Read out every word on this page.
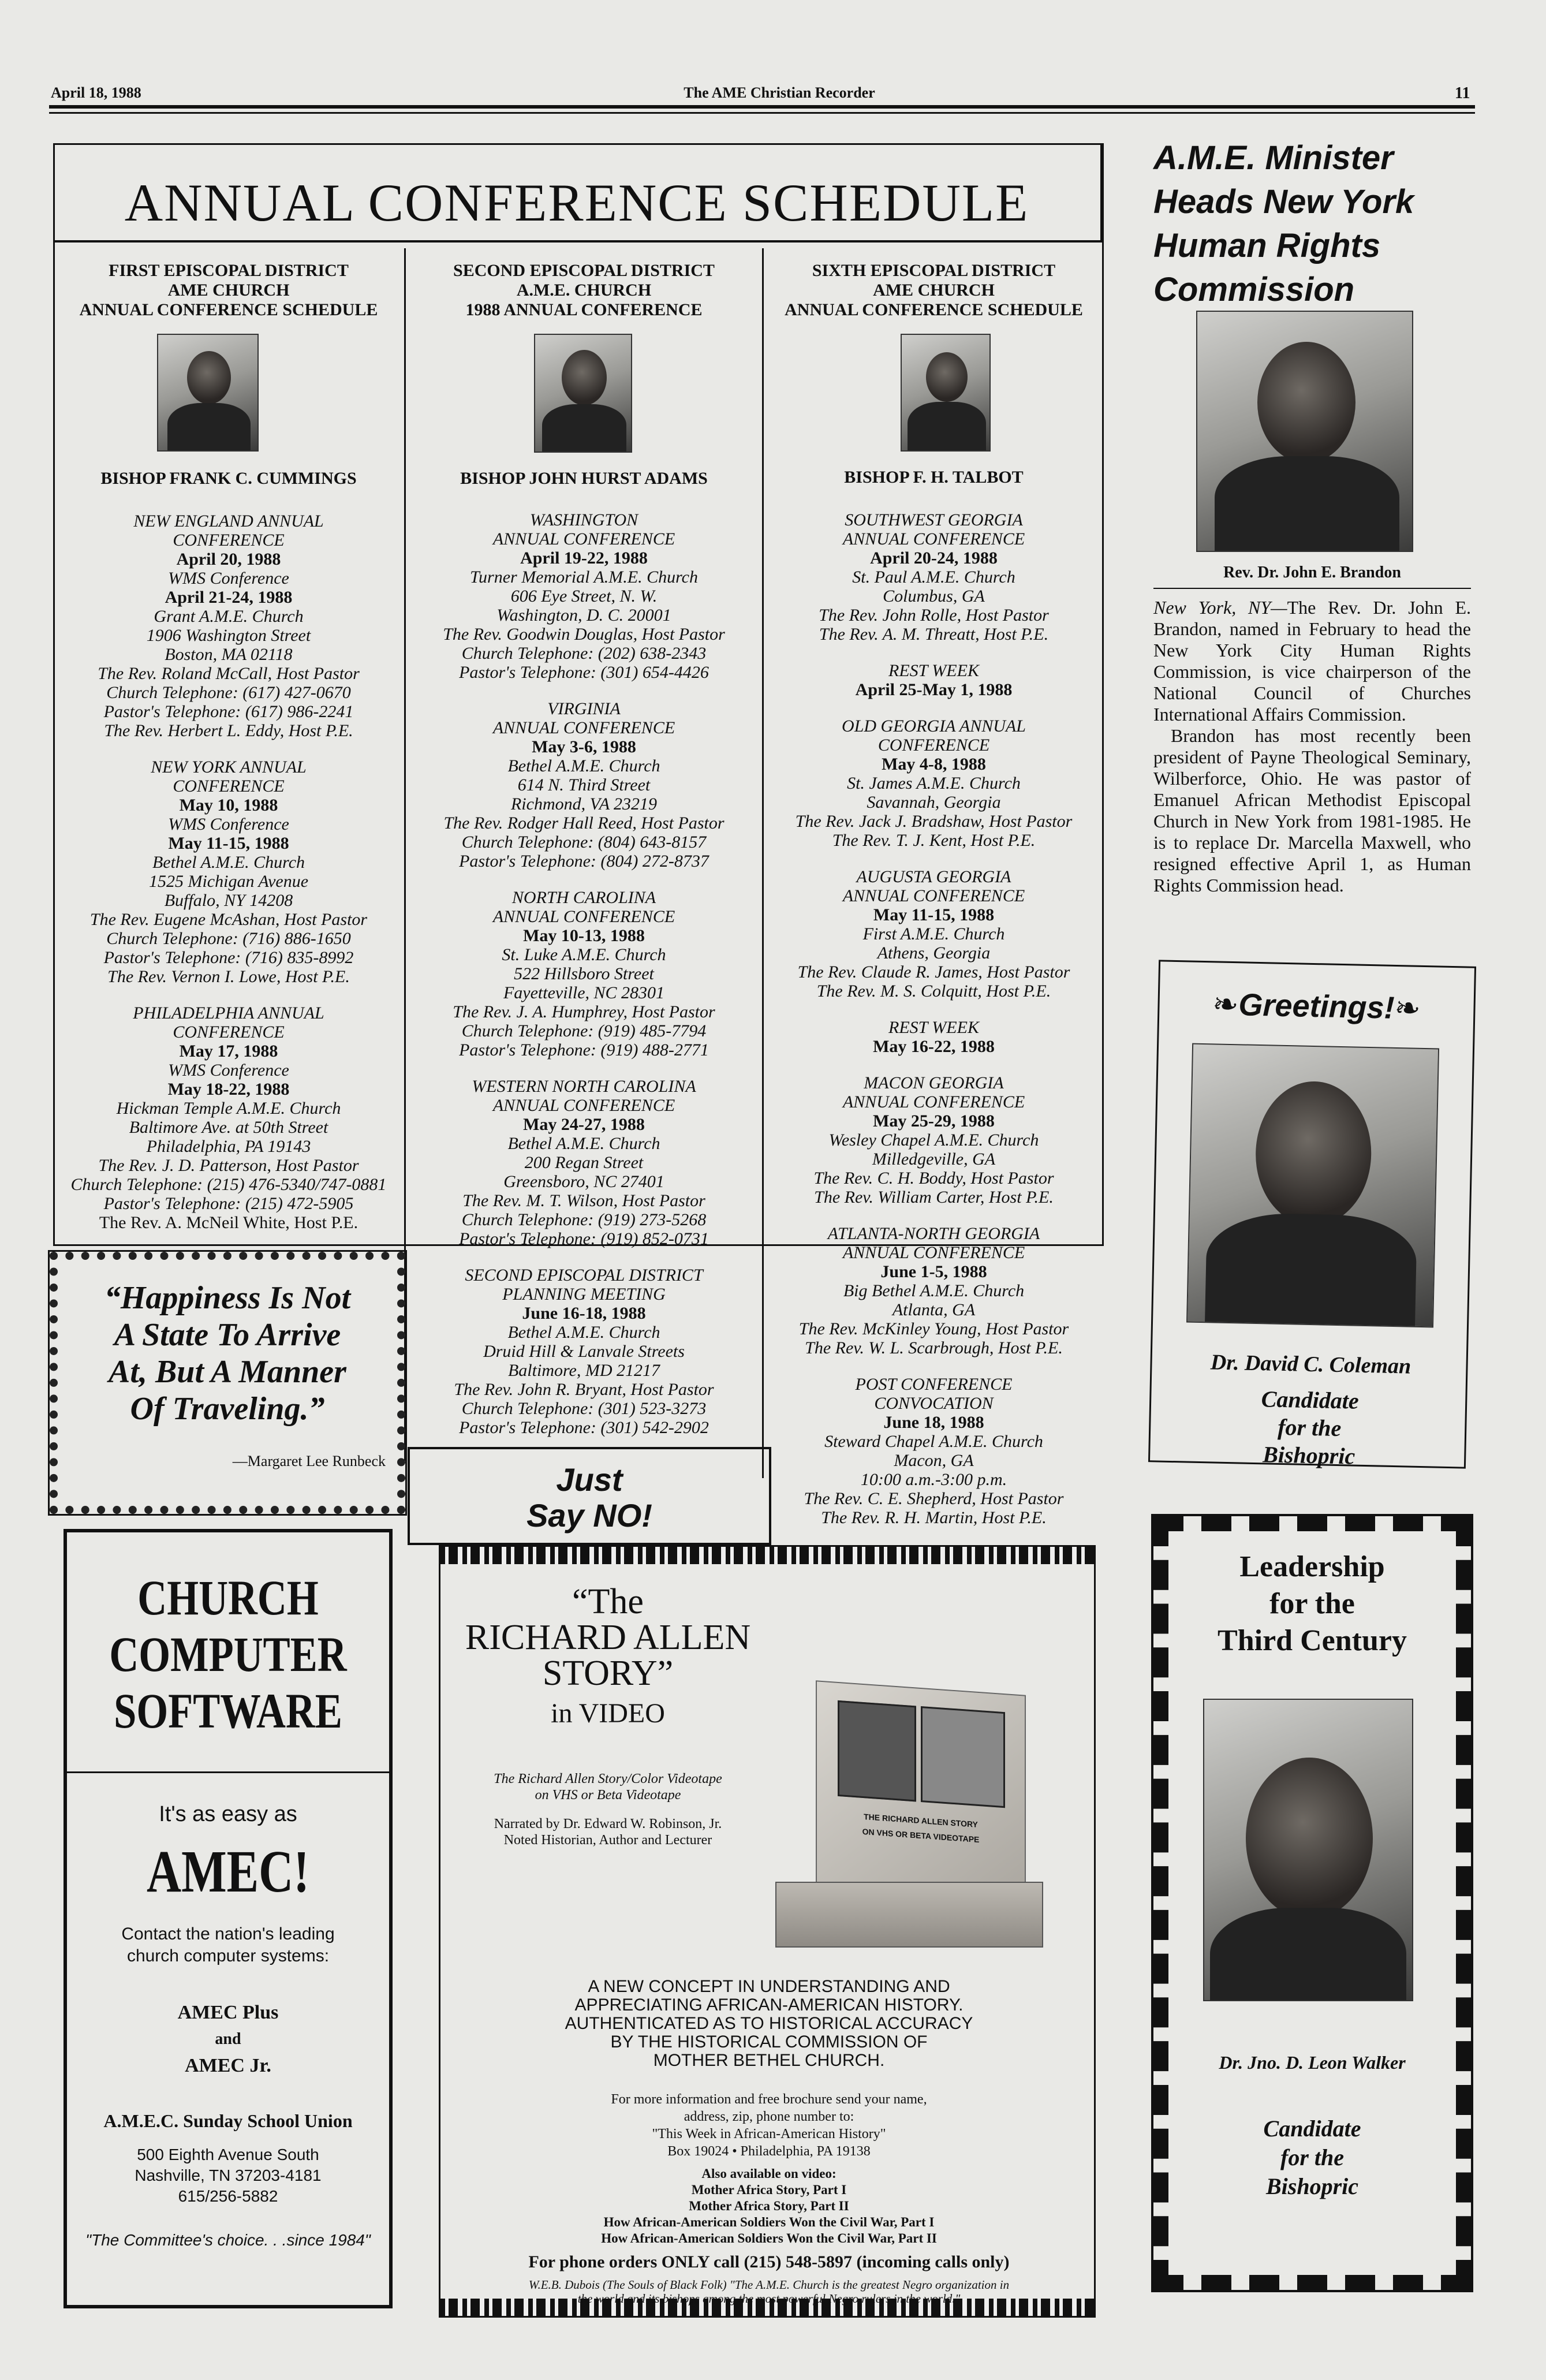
April 18, 1988	The AME Christian Recorder	11
ANNUAL CONFERENCE SCHEDULE
FIRST EPISCOPAL DISTRICT
AME CHURCH
ANNUAL CONFERENCE SCHEDULE
BISHOP FRANK C. CUMMINGS

NEW ENGLAND ANNUAL

CONFERENCE

April 20, 1988

WMS Conference

April 21-24, 1988

Grant A.M.E. Church

1906 Washington Street

Boston, MA 02118

The Rev. Roland McCall, Host Pastor

Church Telephone: (617) 427-0670

Pastor's Telephone: (617) 986-2241

The Rev. Herbert L. Eddy, Host P.E.

NEW YORK ANNUAL

CONFERENCE

May 10, 1988

WMS Conference

May 11-15, 1988

Bethel A.M.E. Church

1525 Michigan Avenue

Buffalo, NY 14208

The Rev. Eugene McAshan, Host Pastor

Church Telephone: (716) 886-1650

Pastor's Telephone: (716) 835-8992

The Rev. Vernon I. Lowe, Host P.E.

PHILADELPHIA ANNUAL

CONFERENCE

May 17, 1988

WMS Conference

May 18-22, 1988

Hickman Temple A.M.E. Church

Baltimore Ave. at 50th Street

Philadelphia, PA 19143

The Rev. J. D. Patterson, Host Pastor

Church Telephone: (215) 476-5340/747-0881

Pastor's Telephone: (215) 472-5905

The Rev. A. McNeil White, Host P.E.

SECOND EPISCOPAL DISTRICT
A.M.E. CHURCH
1988 ANNUAL CONFERENCE
BISHOP JOHN HURST ADAMS

WASHINGTON

ANNUAL CONFERENCE

April 19-22, 1988

Turner Memorial A.M.E. Church

606 Eye Street, N. W.

Washington, D. C. 20001

The Rev. Goodwin Douglas, Host Pastor

Church Telephone: (202) 638-2343

Pastor's Telephone: (301) 654-4426

VIRGINIA

ANNUAL CONFERENCE

May 3-6, 1988

Bethel A.M.E. Church

614 N. Third Street

Richmond, VA 23219

The Rev. Rodger Hall Reed, Host Pastor

Church Telephone: (804) 643-8157

Pastor's Telephone: (804) 272-8737

NORTH CAROLINA

ANNUAL CONFERENCE

May 10-13, 1988

St. Luke A.M.E. Church

522 Hillsboro Street

Fayetteville, NC 28301

The Rev. J. A. Humphrey, Host Pastor

Church Telephone: (919) 485-7794

Pastor's Telephone: (919) 488-2771

WESTERN NORTH CAROLINA

ANNUAL CONFERENCE

May 24-27, 1988

Bethel A.M.E. Church

200 Regan Street

Greensboro, NC 27401

The Rev. M. T. Wilson, Host Pastor

Church Telephone: (919) 273-5268

Pastor's Telephone: (919) 852-0731

SECOND EPISCOPAL DISTRICT

PLANNING MEETING

June 16-18, 1988

Bethel A.M.E. Church

Druid Hill & Lanvale Streets

Baltimore, MD 21217

The Rev. John R. Bryant, Host Pastor

Church Telephone: (301) 523-3273

Pastor's Telephone: (301) 542-2902

SIXTH EPISCOPAL DISTRICT
AME CHURCH
ANNUAL CONFERENCE SCHEDULE
BISHOP F. H. TALBOT

SOUTHWEST GEORGIA

ANNUAL CONFERENCE

April 20-24, 1988

St. Paul A.M.E. Church

Columbus, GA

The Rev. John Rolle, Host Pastor

The Rev. A. M. Threatt, Host P.E.

REST WEEK

April 25-May 1, 1988

OLD GEORGIA ANNUAL

CONFERENCE

May 4-8, 1988

St. James A.M.E. Church

Savannah, Georgia

The Rev. Jack J. Bradshaw, Host Pastor

The Rev. T. J. Kent, Host P.E.

AUGUSTA GEORGIA

ANNUAL CONFERENCE

May 11-15, 1988

First A.M.E. Church

Athens, Georgia

The Rev. Claude R. James, Host Pastor

The Rev. M. S. Colquitt, Host P.E.

REST WEEK

May 16-22, 1988

MACON GEORGIA

ANNUAL CONFERENCE

May 25-29, 1988

Wesley Chapel A.M.E. Church

Milledgeville, GA

The Rev. C. H. Boddy, Host Pastor

The Rev. William Carter, Host P.E.

ATLANTA-NORTH GEORGIA

ANNUAL CONFERENCE

June 1-5, 1988

Big Bethel A.M.E. Church

Atlanta, GA

The Rev. McKinley Young, Host Pastor

The Rev. W. L. Scarbrough, Host P.E.

POST CONFERENCE

CONVOCATION

June 18, 1988

Steward Chapel A.M.E. Church

Macon, GA

10:00 a.m.-3:00 p.m.

The Rev. C. E. Shepherd, Host Pastor

The Rev. R. H. Martin, Host P.E.

“Happiness Is Not
A State To Arrive
At, But A Manner
Of Traveling.”
—Margaret Lee Runbeck
Just
Say NO!
CHURCH
COMPUTER
SOFTWARE
It's as easy as
AMEC!
Contact the nation's leading
church computer systems:
AMEC Plus
and
AMEC Jr.
A.M.E.C. Sunday School Union
500 Eighth Avenue South
Nashville, TN 37203-4181
615/256-5882
"The Committee's choice. . .since 1984"
“The
RICHARD ALLEN
STORY”
in VIDEO
The Richard Allen Story/Color Videotape
on VHS or Beta Videotape
Narrated by Dr. Edward W. Robinson, Jr.
Noted Historian, Author and Lecturer
THE RICHARD ALLEN STORY
ON VHS OR BETA VIDEOTAPE
A NEW CONCEPT IN UNDERSTANDING AND
APPRECIATING AFRICAN-AMERICAN HISTORY.
AUTHENTICATED AS TO HISTORICAL ACCURACY
BY THE HISTORICAL COMMISSION OF
MOTHER BETHEL CHURCH.
For more information and free brochure send your name,
address, zip, phone number to:
"This Week in African-American History"
Box 19024 • Philadelphia, PA 19138
Also available on video:
Mother Africa Story, Part I
Mother Africa Story, Part II
How African-American Soldiers Won the Civil War, Part I
How African-American Soldiers Won the Civil War, Part II
For phone orders ONLY call (215) 548-5897 (incoming calls only)
W.E.B. Dubois (The Souls of Black Folk) "The A.M.E. Church is the greatest Negro organization in
the world and its bishops among the most powerful Negro rulers in the world."
A.M.E. Minister
Heads New York
Human Rights
Commission
Rev. Dr. John E. Brandon

New York, NY—The Rev. Dr. John E. Brandon, named in February to head the New York City Human Rights Commission, is vice chairperson of the National Council of Churches International Affairs Commission.

Brandon has most recently been president of Payne Theological Seminary, Wilberforce, Ohio. He was pastor of Emanuel African Methodist Episcopal Church in New York from 1981-1985. He is to replace Dr. Marcella Maxwell, who resigned effective April 1, as Human Rights Commission head.

❧Greetings!❧
Dr. David C. Coleman
Candidate
for the
Bishopric
Leadership
for the
Third Century
Dr. Jno. D. Leon Walker
Candidate
for the
Bishopric
